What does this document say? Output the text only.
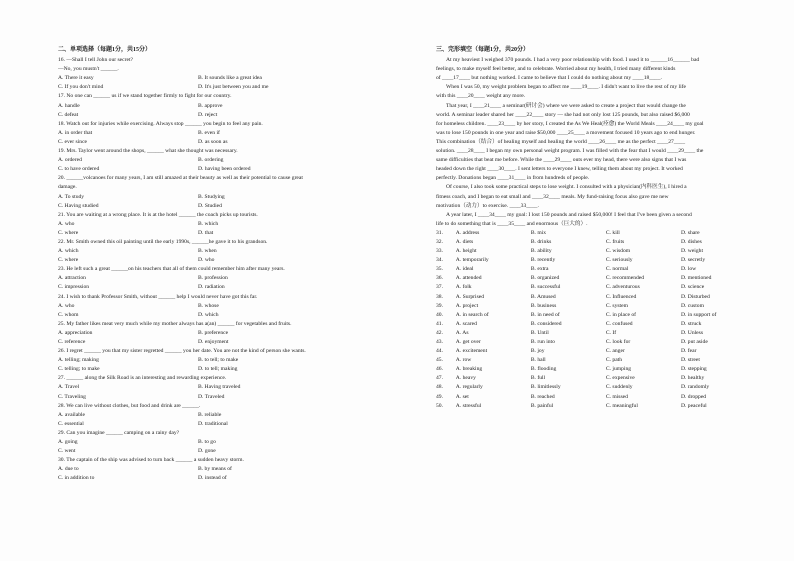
二、单项选择（每题1分，共15分）
16. —Shall I tell John our secret?
—No, you mustn't ______.
A. There it easy	B. It sounds like a great idea
C. If you don't mind	D. It's just between you and me
17. No one can ______ us if we stand together firmly to fight for our country.
A. handle	B. approve
C. defeat	D. reject
18. Watch out for injuries while exercising. Always stop ______ you begin to feel any pain.
A. in order that	B. even if
C. ever since	D. as soon as
19. Mrs. Taylor went around the shops, ______ what she thought was necessary.
A. ordered	B. ordering
C. to have ordered	D. having been ordered
20. ______volcanoes for many years, I am still amazed at their beauty as well as their potential to cause great
damage.
A. To study	B. Studying
C. Having studied	D. Studied
21. You are waiting at a wrong place. It is at the hotel ______ the coach picks up tourists.
A. who	B. which
C. where	D. that
22. Mr. Smith owned this oil painting until the early 1990s, ______he gave it to his grandson.
A. which	B. when
C. where	D. who
23. He left such a great ______on his teachers that all of them could remember him after many years.
A. attraction	B. profession
C. impression	D. radiation
24. I wish to thank Professor Smith, without ______ help I would never have got this far.
A. who	B. whose
C. whom	D. which
25. My father likes meat very much while my mother always has a(an) ______ for vegetables and fruits.
A. appreciation	B. preference
C. reference	D. enjoyment
26. I regret ______ you that my sister regretted ______ you her date. You are not the kind of person she wants.
A. telling; making	B. to tell; to make
C. telling; to make	D. to tell; making
27. ______ along the Silk Road is an interesting and rewarding experience.
A. Travel	B. Having traveled
C. Traveling	D. Traveled
28. We can live without clothes, but food and drink are ______.
A. available	B. reliable
C. essential	D. traditional
29. Can you imagine ______ camping on a rainy day?
A. going	B. to go
C. went	D. gone
30. The captain of the ship was advised to turn back ______ a sudden heavy storm.
A. due to	B. by means of
C. in addition to	D. instead of
三、完形填空（每题1分，共20分）
At my heaviest I weighed 370 pounds. I had a very poor relationship with food. I used it to ______16______ bad
feelings, to make myself feel better, and to celebrate. Worried about my health, I tried many different kinds
of ____17____ but nothing worked. I came to believe that I could do nothing about my ____18____.
When I was 50, my weight problem began to affect me ____19____. I didn't want to live the rest of my life
with this ____20____ weight any more.
That year, I ____21____ a seminar(研讨会) where we were asked to create a project that would change the
world. A seminar leader shared her ____22____ story — she had not only lost 125 pounds, but also raised $6,000
for homeless children. ____23____ by her story, I created the As We Heal(痊愈) the World Meals ____24____ my goal
was to lose 150 pounds in one year and raise $50,000 ____25____ a movement focused 10 years ago to end hunger.
This combination（结合）of healing myself and healing the world ____26____ me as the perfect ____27____
solution. ____28____ I began my own personal weight program. I was filled with the fear that I would ____29____ the
same difficulties that beat me before. While the ____29____ outs ever my head, there were also signs that I was
headed down the right ____30____. I sent letters to everyone I knew, telling them about my project. It worked
perfectly. Donations began ____31____ in from hundreds of people.
Of course, I also took some practical steps to lose weight. I consulted with a physician(内科医生), I hired a
fitness coach, and I began to eat small and ____32____ meals. My fund-raising focus also gave me new
motivation（动力）to exercise. ____33____.
A year later, I ____34____ my goal: I lost 150 pounds and raised $50,000! I feel that I've been given a second
life to do something that is ____35____ and enormous（巨大的）.
31.	A. address	B. mix	C. kill	D. share
32.	A. diets	B. drinks	C. fruits	D. dishes
33.	A. height	B. ability	C. wisdom	D. weight
34.	A. temporarily	B. recently	C. seriously	D. secretly
35.	A. ideal	B. extra	C. normal	D. low
36.	A. attended	B. organized	C. recommended	D. mentioned
37.	A. folk	B. successful	C. adventurous	D. science
38.	A. Surprised	B. Amused	C. Influenced	D. Disturbed
39.	A. project	B. business	C. system	D. custom
40.	A. in search of	B. in need of	C. in place of	D. in support of
41.	A. scared	B. considered	C. confused	D. struck
42.	A. As	B. Until	C. If	D. Unless
43.	A. get over	B. run into	C. look for	D. put aside
44.	A. excitement	B. joy	C. anger	D. fear
45.	A. row	B. hall	C. path	D. street
46.	A. breaking	B. flooding	C. jumping	D. stepping
47.	A. heavy	B. full	C. expensive	D. healthy
48.	A. regularly	B. limitlessly	C. suddenly	D. randomly
49.	A. set	B. reached	C. missed	D. dropped
50.	A. stressful	B. painful	C. meaningful	D. peaceful
